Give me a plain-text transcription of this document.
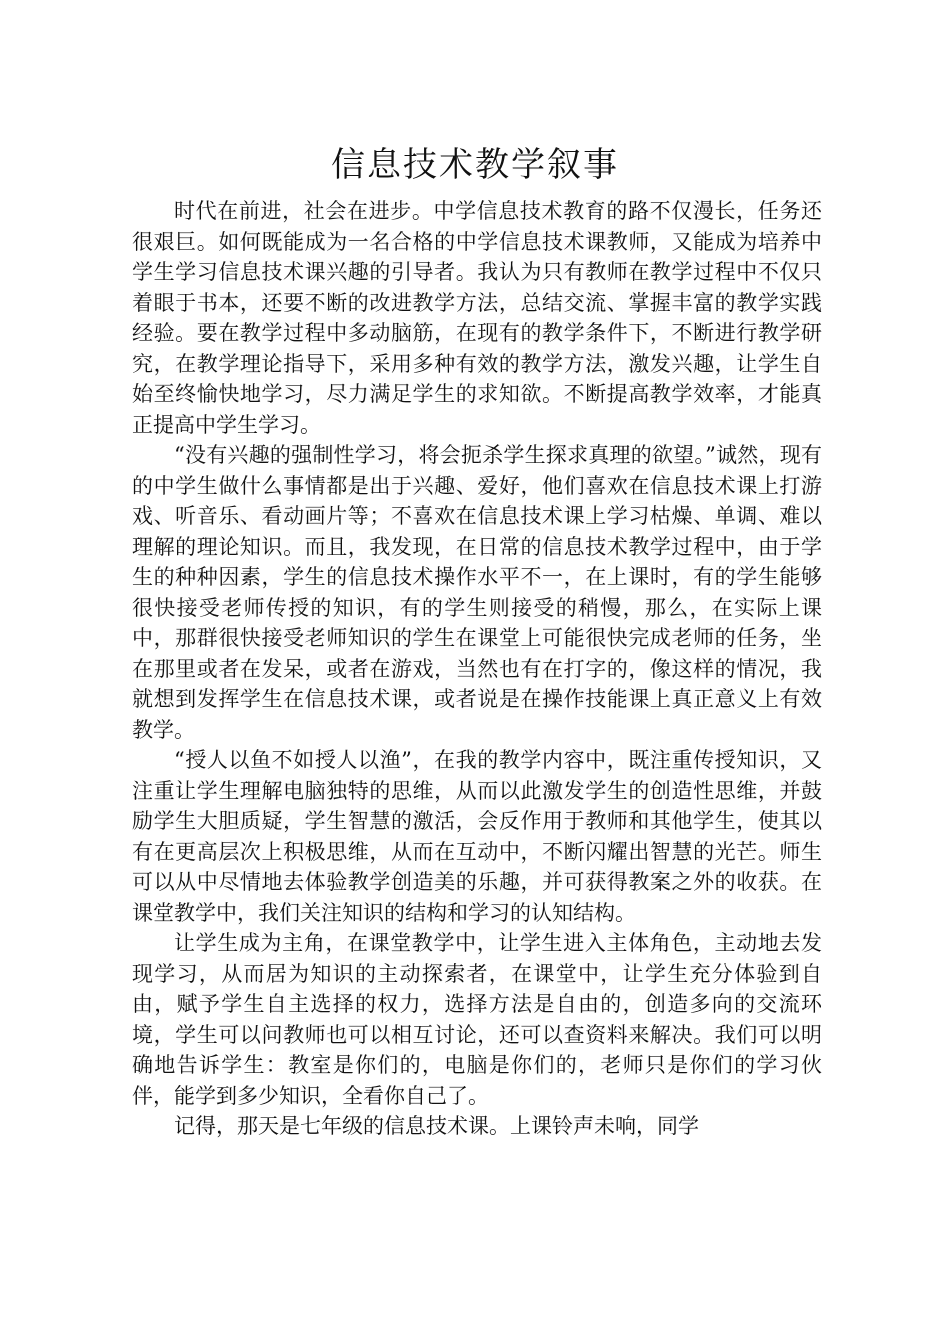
信息技术教学叙事

时代在前进，社会在进步。中学信息技术教育的路不仅漫长，任务还很艰巨。如何既能成为一名合格的中学信息技术课教师，又能成为培养中学生学习信息技术课兴趣的引导者。我认为只有教师在教学过程中不仅只着眼于书本，还要不断的改进教学方法，总结交流、掌握丰富的教学实践经验。要在教学过程中多动脑筋，在现有的教学条件下，不断进行教学研究，在教学理论指导下，采用多种有效的教学方法，激发兴趣，让学生自始至终愉快地学习，尽力满足学生的求知欲。不断提高教学效率，才能真正提高中学生学习。

“没有兴趣的强制性学习，将会扼杀学生探求真理的欲望。”诚然，现有的中学生做什么事情都是出于兴趣、爱好，他们喜欢在信息技术课上打游戏、听音乐、看动画片等；不喜欢在信息技术课上学习枯燥、单调、难以理解的理论知识。而且，我发现，在日常的信息技术教学过程中，由于学生的种种因素，学生的信息技术操作水平不一，在上课时，有的学生能够很快接受老师传授的知识，有的学生则接受的稍慢，那么，在实际上课中，那群很快接受老师知识的学生在课堂上可能很快完成老师的任务，坐在那里或者在发呆，或者在游戏，当然也有在打字的，像这样的情况，我就想到发挥学生在信息技术课，或者说是在操作技能课上真正意义上有效教学。

“授人以鱼不如授人以渔”，在我的教学内容中，既注重传授知识，又注重让学生理解电脑独特的思维，从而以此激发学生的创造性思维，并鼓励学生大胆质疑，学生智慧的激活，会反作用于教师和其他学生，使其以有在更高层次上积极思维，从而在互动中，不断闪耀出智慧的光芒。师生可以从中尽情地去体验教学创造美的乐趣，并可获得教案之外的收获。在课堂教学中，我们关注知识的结构和学习的认知结构。

让学生成为主角，在课堂教学中，让学生进入主体角色，主动地去发现学习，从而居为知识的主动探索者，在课堂中，让学生充分体验到自由，赋予学生自主选择的权力，选择方法是自由的，创造多向的交流环境，学生可以问教师也可以相互讨论，还可以查资料来解决。我们可以明确地告诉学生：教室是你们的，电脑是你们的，老师只是你们的学习伙伴，能学到多少知识，全看你自己了。

记得，那天是七年级的信息技术课。上课铃声未响，同学
